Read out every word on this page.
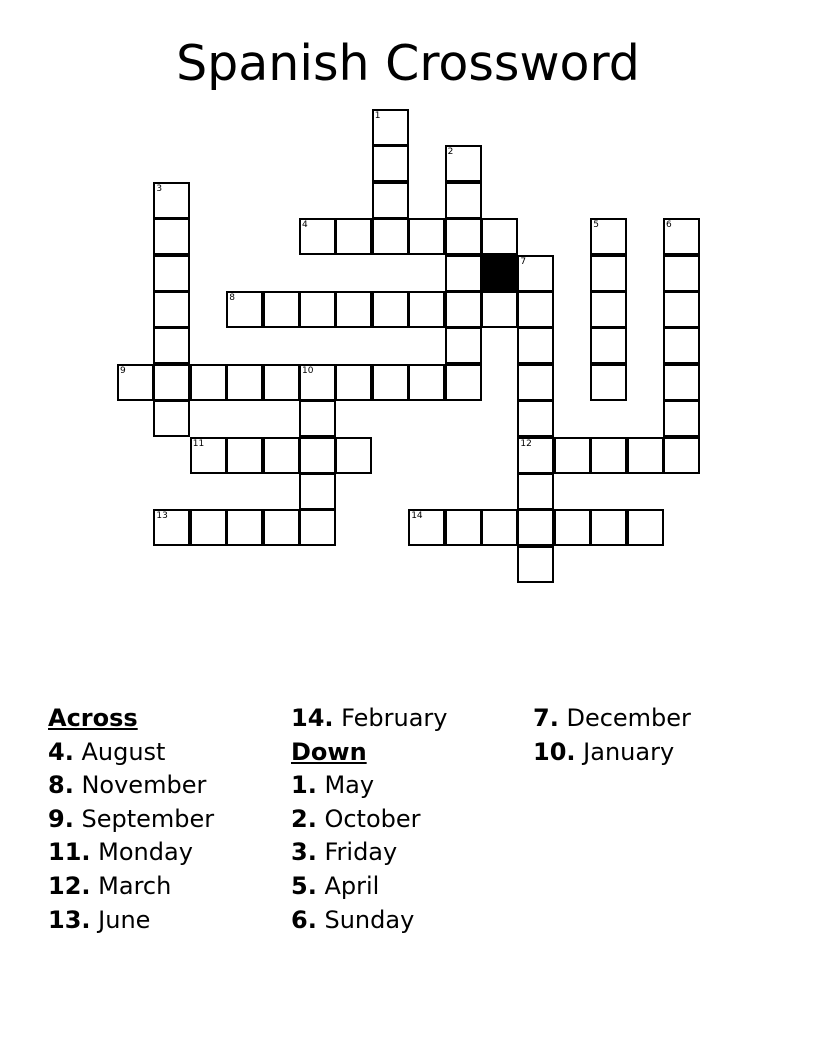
Spanish Crossword
1
2
3
4	5	6
7
8
9	10
11	12
13	14
Across
4. August
8. November
9. September
11. Monday
12. March
13. June
14. February
Down
1. May
2. October
3. Friday
5. April
6. Sunday
7. December
10. January
